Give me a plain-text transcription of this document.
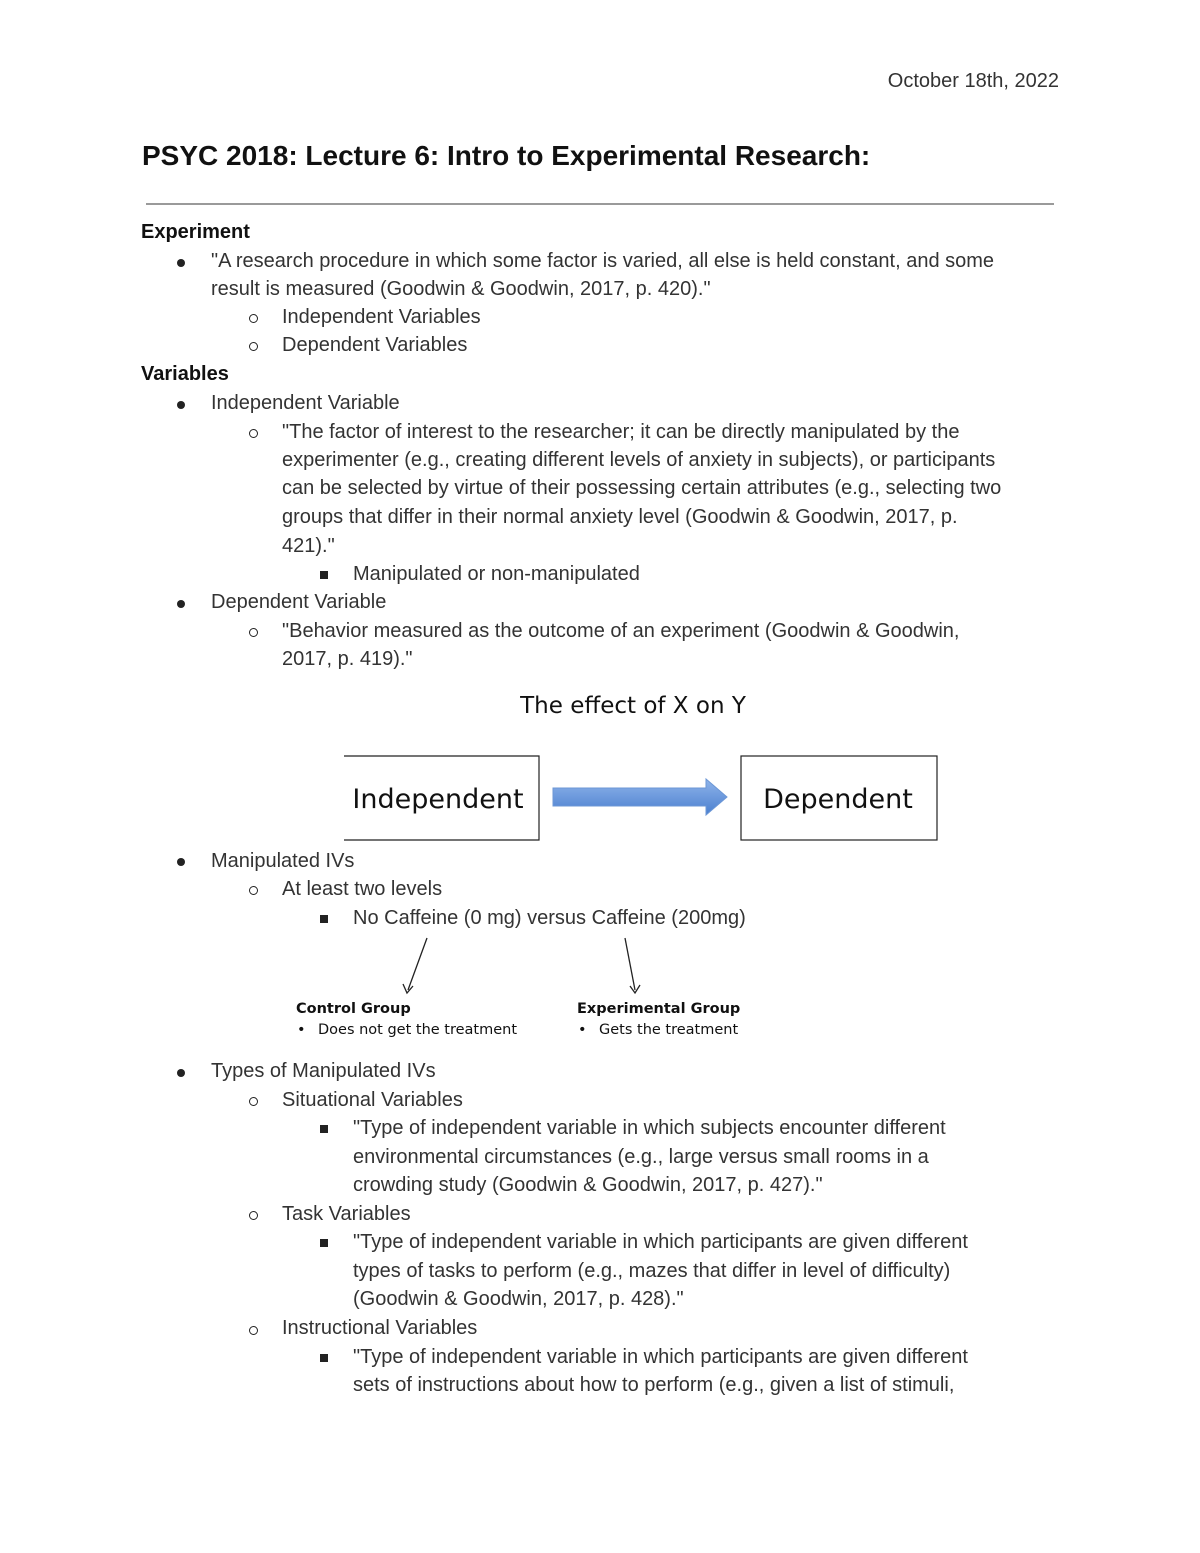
October 18th, 2022
PSYC 2018: Lecture 6: Intro to Experimental Research:
Experiment
"A research procedure in which some factor is varied, all else is held constant, and some
result is measured (Goodwin & Goodwin, 2017, p. 420)."
Independent Variables
Dependent Variables
Variables
Independent Variable
"The factor of interest to the researcher; it can be directly manipulated by the
experimenter (e.g., creating different levels of anxiety in subjects), or participants
can be selected by virtue of their possessing certain attributes (e.g., selecting two
groups that differ in their normal anxiety level (Goodwin & Goodwin, 2017, p.
421)."
Manipulated or non-manipulated
Dependent Variable
"Behavior measured as the outcome of an experiment (Goodwin & Goodwin,
2017, p. 419)."
The effect of X on Y
Independent	Dependent
Manipulated IVs
At least two levels
No Caffeine (0 mg) versus Caffeine (200mg)
Control Group
• Does not get the treatment
Experimental Group
• Gets the treatment
Types of Manipulated IVs
Situational Variables
"Type of independent variable in which subjects encounter different
environmental circumstances (e.g., large versus small rooms in a
crowding study (Goodwin & Goodwin, 2017, p. 427)."
Task Variables
"Type of independent variable in which participants are given different
types of tasks to perform (e.g., mazes that differ in level of difficulty)
(Goodwin & Goodwin, 2017, p. 428)."
Instructional Variables
"Type of independent variable in which participants are given different
sets of instructions about how to perform (e.g., given a list of stimuli,
